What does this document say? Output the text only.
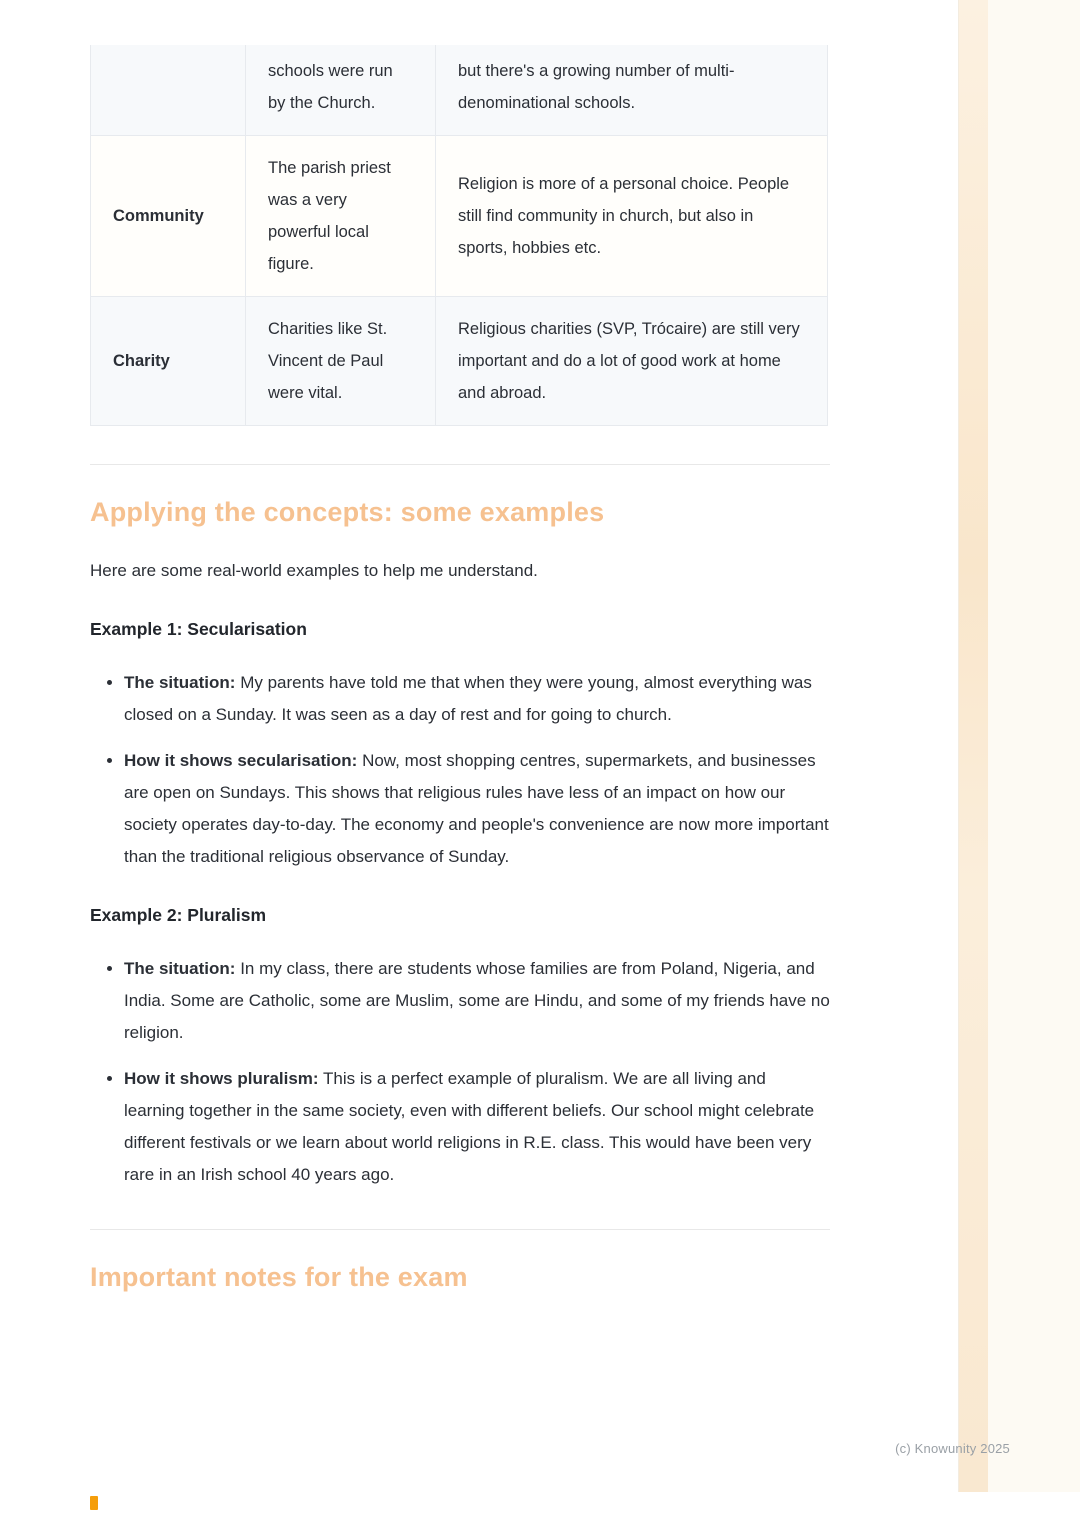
	schools were run by the Church.	but there's a growing number of multi-denominational schools.
Community	The parish priest was a very powerful local figure.	Religion is more of a personal choice. People still find community in church, but also in sports, hobbies etc.
Charity	Charities like St. Vincent de Paul were vital.	Religious charities (SVP, Trócaire) are still very important and do a lot of good work at home and abroad.
Applying the concepts: some examples

Here are some real-world examples to help me understand.

Example 1: Secularisation
• The situation: My parents have told me that when they were young, almost everything was closed on a Sunday. It was seen as a day of rest and for going to church.
• How it shows secularisation: Now, most shopping centres, supermarkets, and businesses are open on Sundays. This shows that religious rules have less of an impact on how our society operates day-to-day. The economy and people's convenience are now more important than the traditional religious observance of Sunday.
Example 2: Pluralism
• The situation: In my class, there are students whose families are from Poland, Nigeria, and India. Some are Catholic, some are Muslim, some are Hindu, and some of my friends have no religion.
• How it shows pluralism: This is a perfect example of pluralism. We are all living and learning together in the same society, even with different beliefs. Our school might celebrate different festivals or we learn about world religions in R.E. class. This would have been very rare in an Irish school 40 years ago.
Important notes for the exam
(c) Knowunity 2025
